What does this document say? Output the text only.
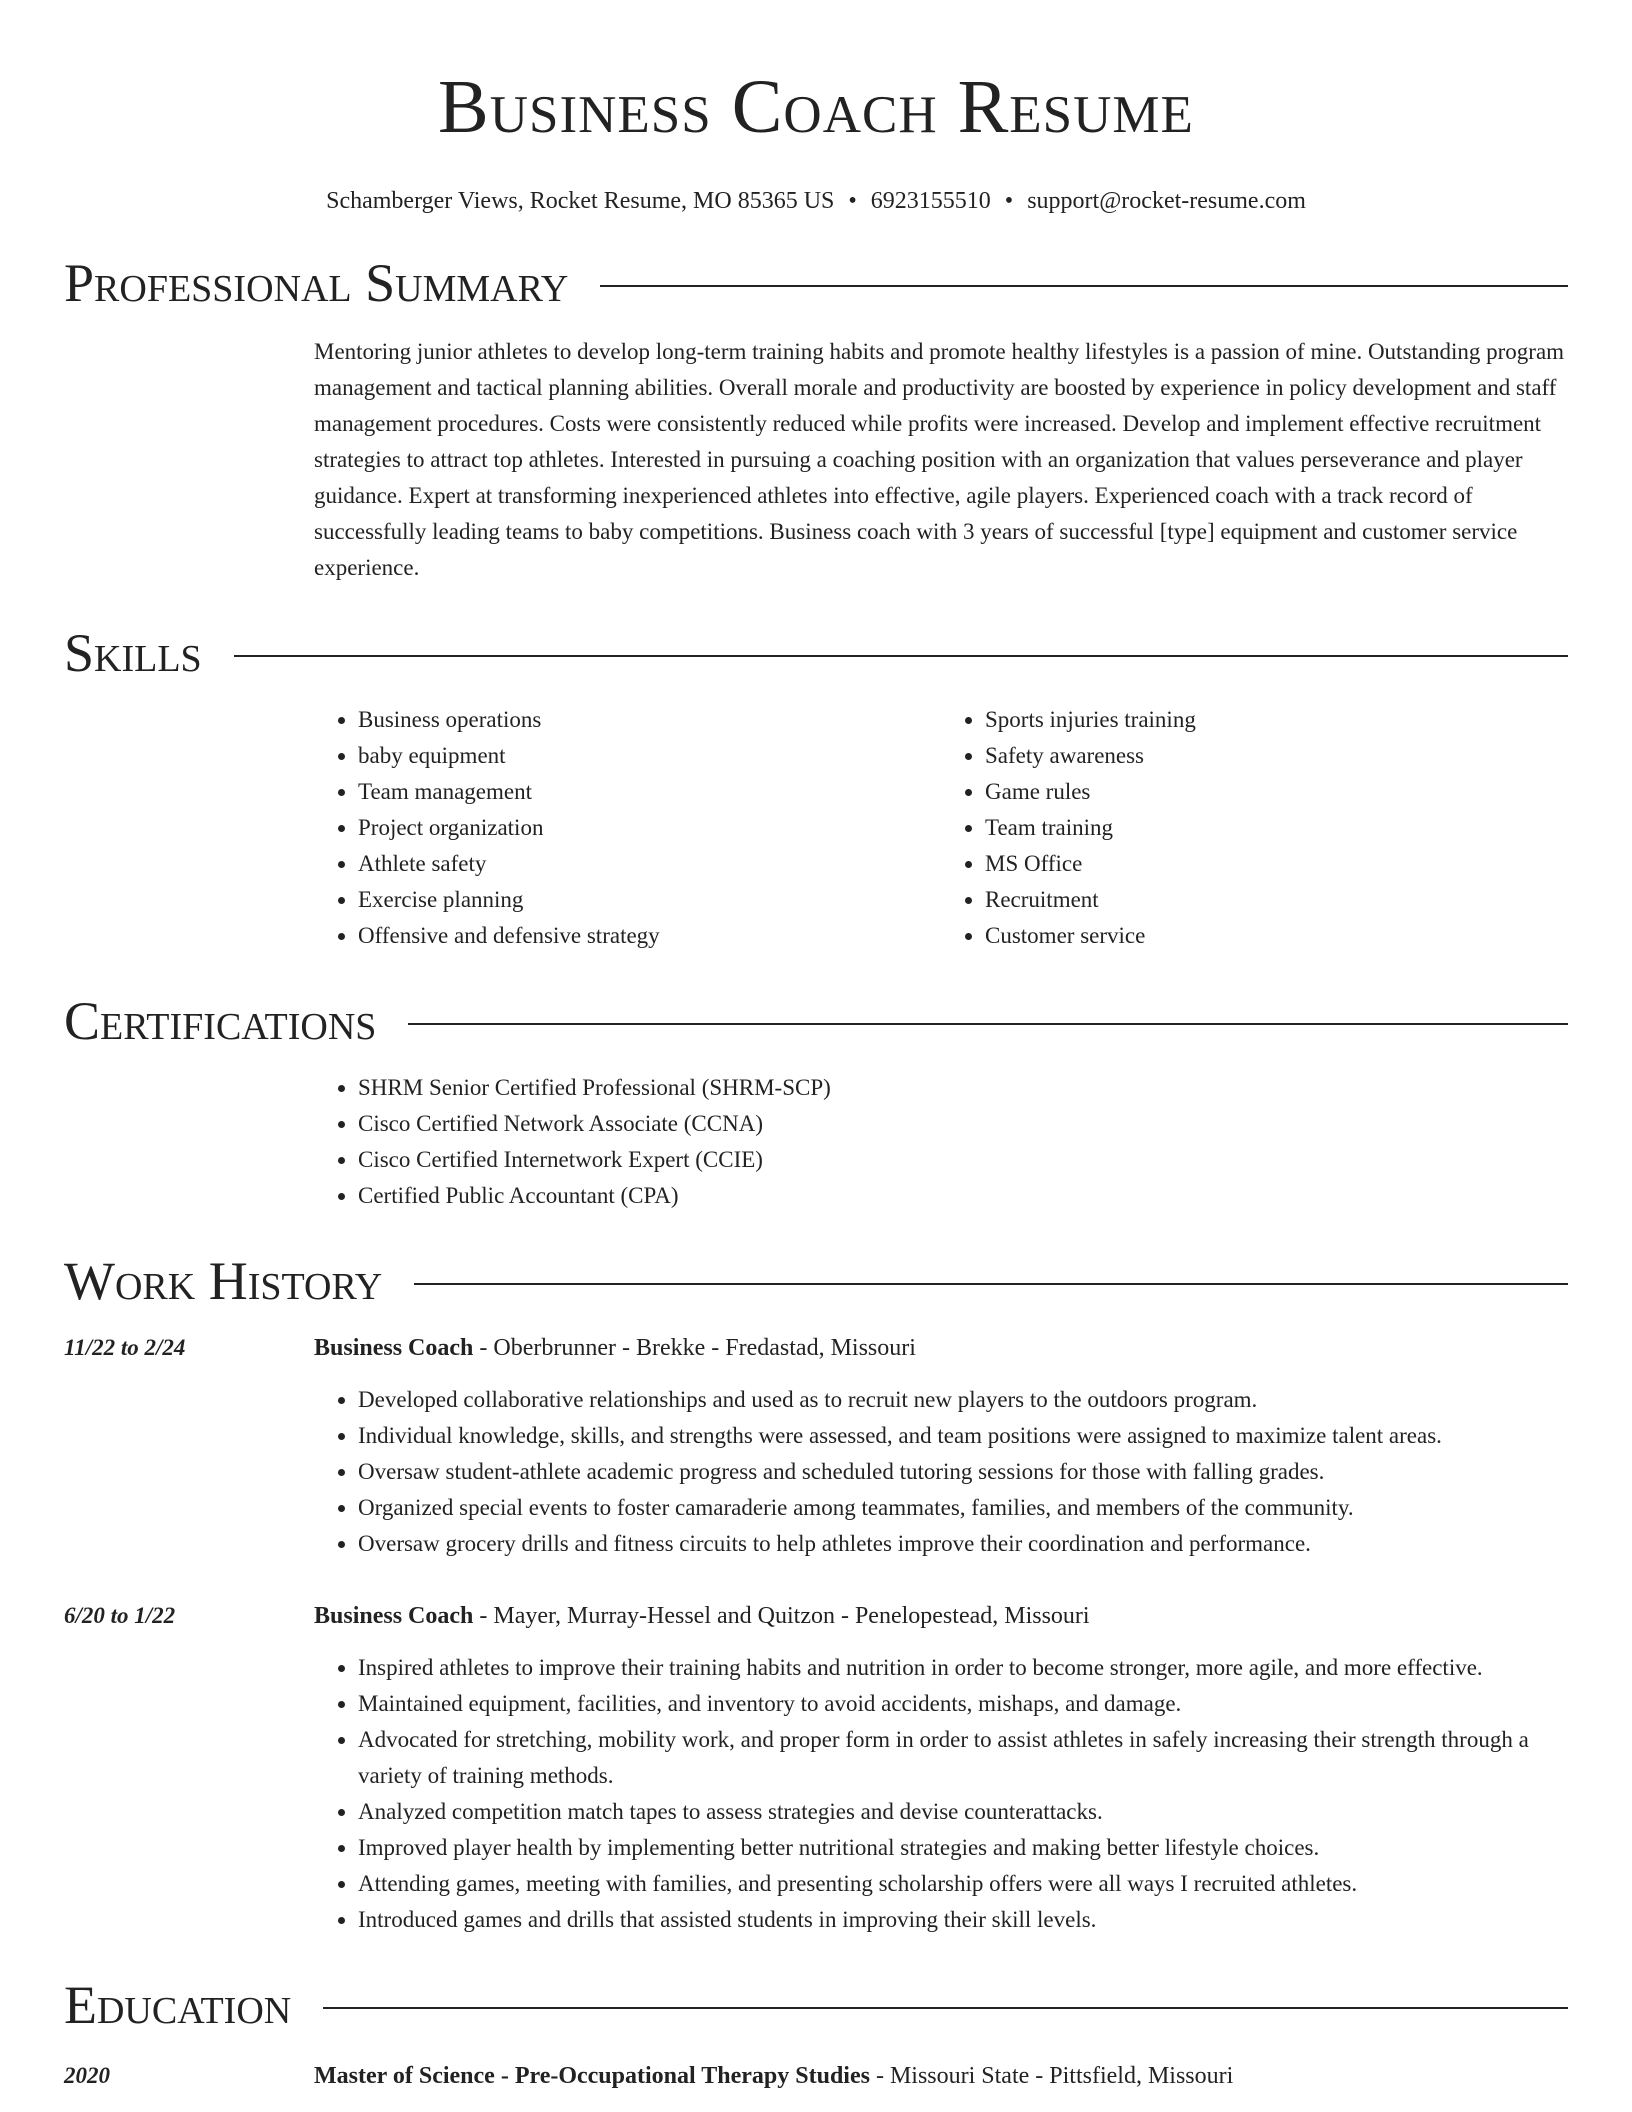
Business Coach Resume
Schamberger Views, Rocket Resume, MO 85365 US • 6923155510 • support@rocket-resume.com
Professional Summary
Mentoring junior athletes to develop long-term training habits and promote healthy lifestyles is a passion of mine. Outstanding program management and tactical planning abilities. Overall morale and productivity are boosted by experience in policy development and staff management procedures. Costs were consistently reduced while profits were increased. Develop and implement effective recruitment strategies to attract top athletes. Interested in pursuing a coaching position with an organization that values perseverance and player guidance. Expert at transforming inexperienced athletes into effective, agile players. Experienced coach with a track record of successfully leading teams to baby competitions. Business coach with 3 years of successful [type] equipment and customer service experience.
Skills
• Business operations
• baby equipment
• Team management
• Project organization
• Athlete safety
• Exercise planning
• Offensive and defensive strategy
• Sports injuries training
• Safety awareness
• Game rules
• Team training
• MS Office
• Recruitment
• Customer service
Certifications
• SHRM Senior Certified Professional (SHRM-SCP)
• Cisco Certified Network Associate (CCNA)
• Cisco Certified Internetwork Expert (CCIE)
• Certified Public Accountant (CPA)
Work History
11/22 to 2/24	Business Coach - Oberbrunner - Brekke - Fredastad, Missouri
• Developed collaborative relationships and used as to recruit new players to the outdoors program.
• Individual knowledge, skills, and strengths were assessed, and team positions were assigned to maximize talent areas.
• Oversaw student-athlete academic progress and scheduled tutoring sessions for those with falling grades.
• Organized special events to foster camaraderie among teammates, families, and members of the community.
• Oversaw grocery drills and fitness circuits to help athletes improve their coordination and performance.
6/20 to 1/22	Business Coach - Mayer, Murray-Hessel and Quitzon - Penelopestead, Missouri
• Inspired athletes to improve their training habits and nutrition in order to become stronger, more agile, and more effective.
• Maintained equipment, facilities, and inventory to avoid accidents, mishaps, and damage.
• Advocated for stretching, mobility work, and proper form in order to assist athletes in safely increasing their strength through a variety of training methods.
• Analyzed competition match tapes to assess strategies and devise counterattacks.
• Improved player health by implementing better nutritional strategies and making better lifestyle choices.
• Attending games, meeting with families, and presenting scholarship offers were all ways I recruited athletes.
• Introduced games and drills that assisted students in improving their skill levels.
Education
2020	Master of Science - Pre-Occupational Therapy Studies - Missouri State - Pittsfield, Missouri
